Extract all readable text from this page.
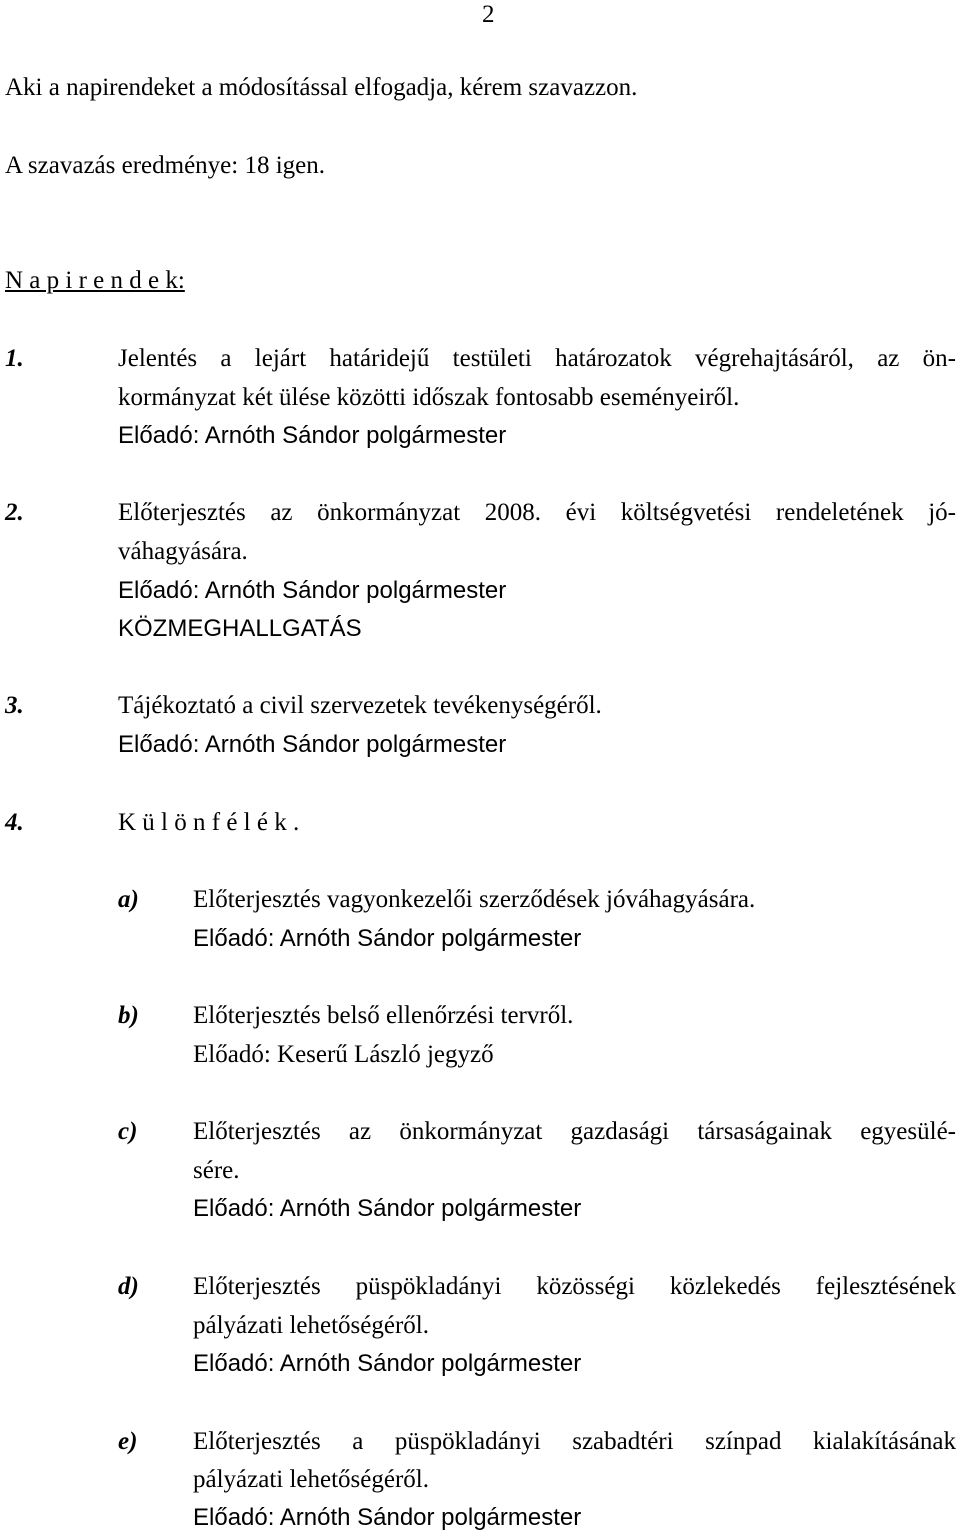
2
Aki a napirendeket a módosítással elfogadja, kérem szavazzon.
A szavazás eredménye: 18 igen.
N a p i r e n d e k:
1.	Jelentés a lejárt határidejű testületi határozatok végrehajtásáról, az ön-
kormányzat két ülése közötti időszak fontosabb eseményeiről.
Előadó: Arnóth Sándor polgármester
2.	Előterjesztés az önkormányzat 2008. évi költségvetési rendeletének jó-
váhagyására.
Előadó: Arnóth Sándor polgármester
KÖZMEGHALLGATÁS
3.	Tájékoztató a civil szervezetek tevékenységéről.
Előadó: Arnóth Sándor polgármester
4.	K ü l ö n f é l é k .
a) Előterjesztés vagyonkezelői szerződések jóváhagyására.
Előadó: Arnóth Sándor polgármester
b) Előterjesztés belső ellenőrzési tervről.
Előadó: Keserű László jegyző
c) Előterjesztés az önkormányzat gazdasági társaságainak egyesülé-
sére.
Előadó: Arnóth Sándor polgármester
d) Előterjesztés püspökladányi közösségi közlekedés fejlesztésének
pályázati lehetőségéről.
Előadó: Arnóth Sándor polgármester
e) Előterjesztés a püspökladányi szabadtéri színpad kialakításának
pályázati lehetőségéről.
Előadó: Arnóth Sándor polgármester
